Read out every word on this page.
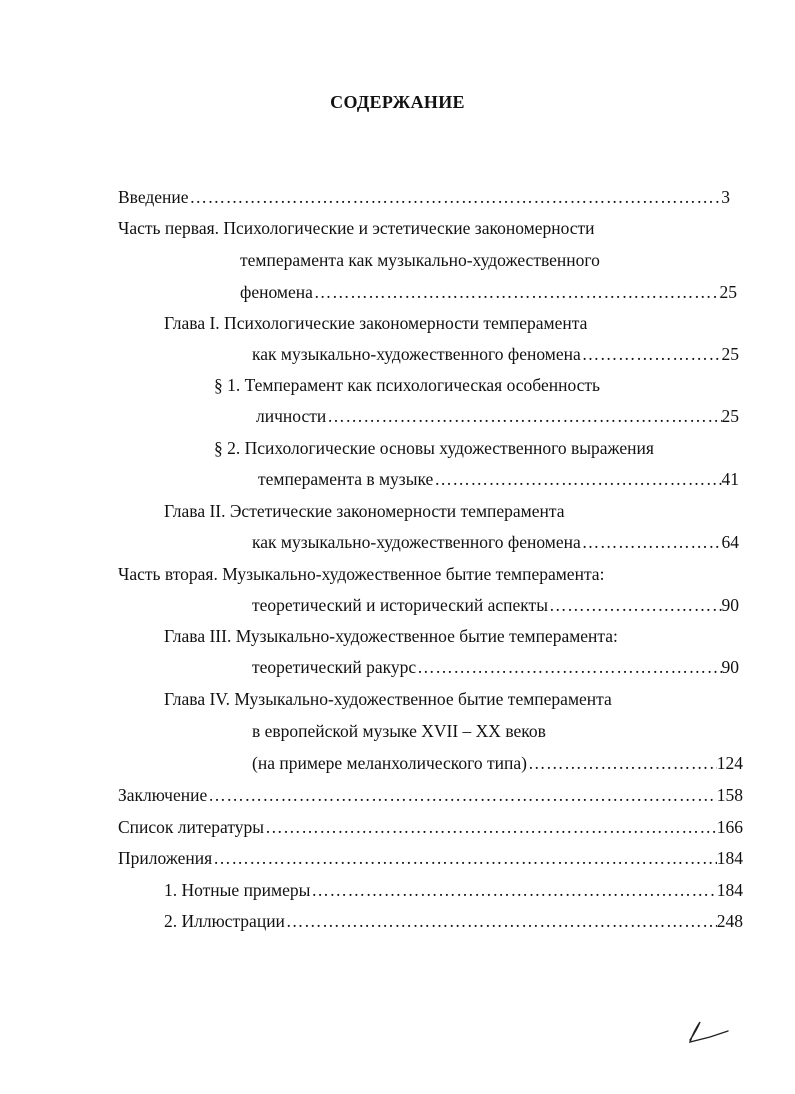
СОДЕРЖАНИЕ
Введение ……………………………………………………………………………………………………………………………………………………………………………………	3
Часть первая. Психологические и эстетические закономерности
темперамента как музыкально-художественного
феномена ……………………………………………………………………………………………………………………………………………………………………………………	25
Глава I. Психологические закономерности темперамента
как музыкально-художественного феномена ……………………………………………………………………………………………………………………………………………………………………………………	25
§ 1. Темперамент как психологическая особенность
личности ……………………………………………………………………………………………………………………………………………………………………………………	25
§ 2. Психологические основы художественного выражения
темперамента в музыке ……………………………………………………………………………………………………………………………………………………………………………………	41
Глава II. Эстетические закономерности темперамента
как музыкально-художественного феномена ……………………………………………………………………………………………………………………………………………………………………………………	64
Часть вторая. Музыкально-художественное бытие темперамента:
теоретический и исторический аспекты ……………………………………………………………………………………………………………………………………………………………………………………	90
Глава III. Музыкально-художественное бытие темперамента:
теоретический ракурс ……………………………………………………………………………………………………………………………………………………………………………………	90
Глава IV. Музыкально-художественное бытие темперамента
в европейской музыке XVII – XX веков
(на примере меланхолического типа) ……………………………………………………………………………………………………………………………………………………………………………………	124
Заключение ……………………………………………………………………………………………………………………………………………………………………………………	158
Список литературы ……………………………………………………………………………………………………………………………………………………………………………………	166
Приложения ……………………………………………………………………………………………………………………………………………………………………………………	184
1. Нотные примеры ……………………………………………………………………………………………………………………………………………………………………………………	184
2. Иллюстрации ……………………………………………………………………………………………………………………………………………………………………………………	248
